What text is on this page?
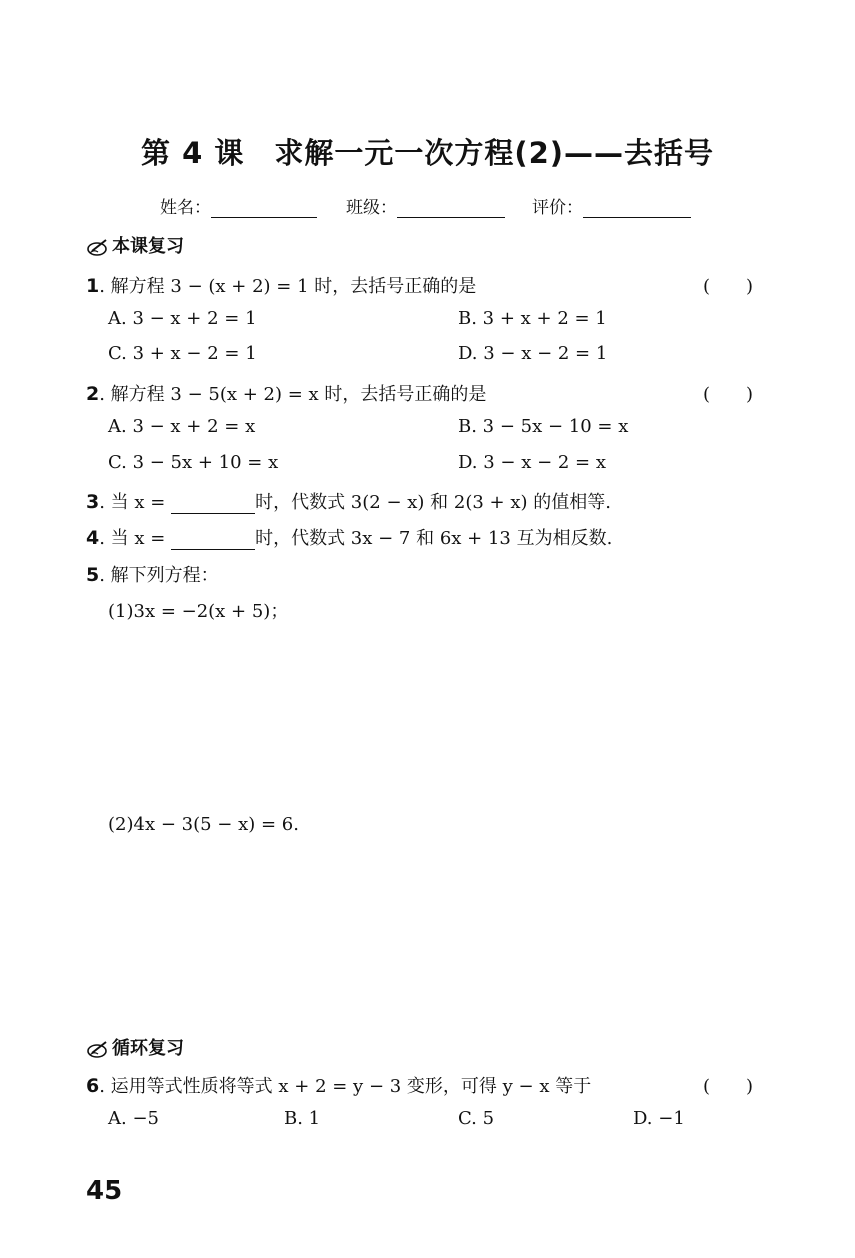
第 4 课　求解一元一次方程(2)——去括号
姓名：	班级：	评价：
本课复习
1. 解方程 3 − (x + 2) = 1 时，去括号正确的是	(　　)
A. 3 − x + 2 = 1	B. 3 + x + 2 = 1
C. 3 + x − 2 = 1	D. 3 − x − 2 = 1
2. 解方程 3 − 5(x + 2) = x 时，去括号正确的是	(　　)
A. 3 − x + 2 = x	B. 3 − 5x − 10 = x
C. 3 − 5x + 10 = x	D. 3 − x − 2 = x
3. 当 x =	时，代数式 3(2 − x) 和 2(3 + x) 的值相等.
4. 当 x =	时，代数式 3x − 7 和 6x + 13 互为相反数.
5. 解下列方程：
(1)3x = −2(x + 5)；
(2)4x − 3(5 − x) = 6.
循环复习
6. 运用等式性质将等式 x + 2 = y − 3 变形，可得 y − x 等于	(　　)
A. −5	B. 1	C. 5	D. −1
45
